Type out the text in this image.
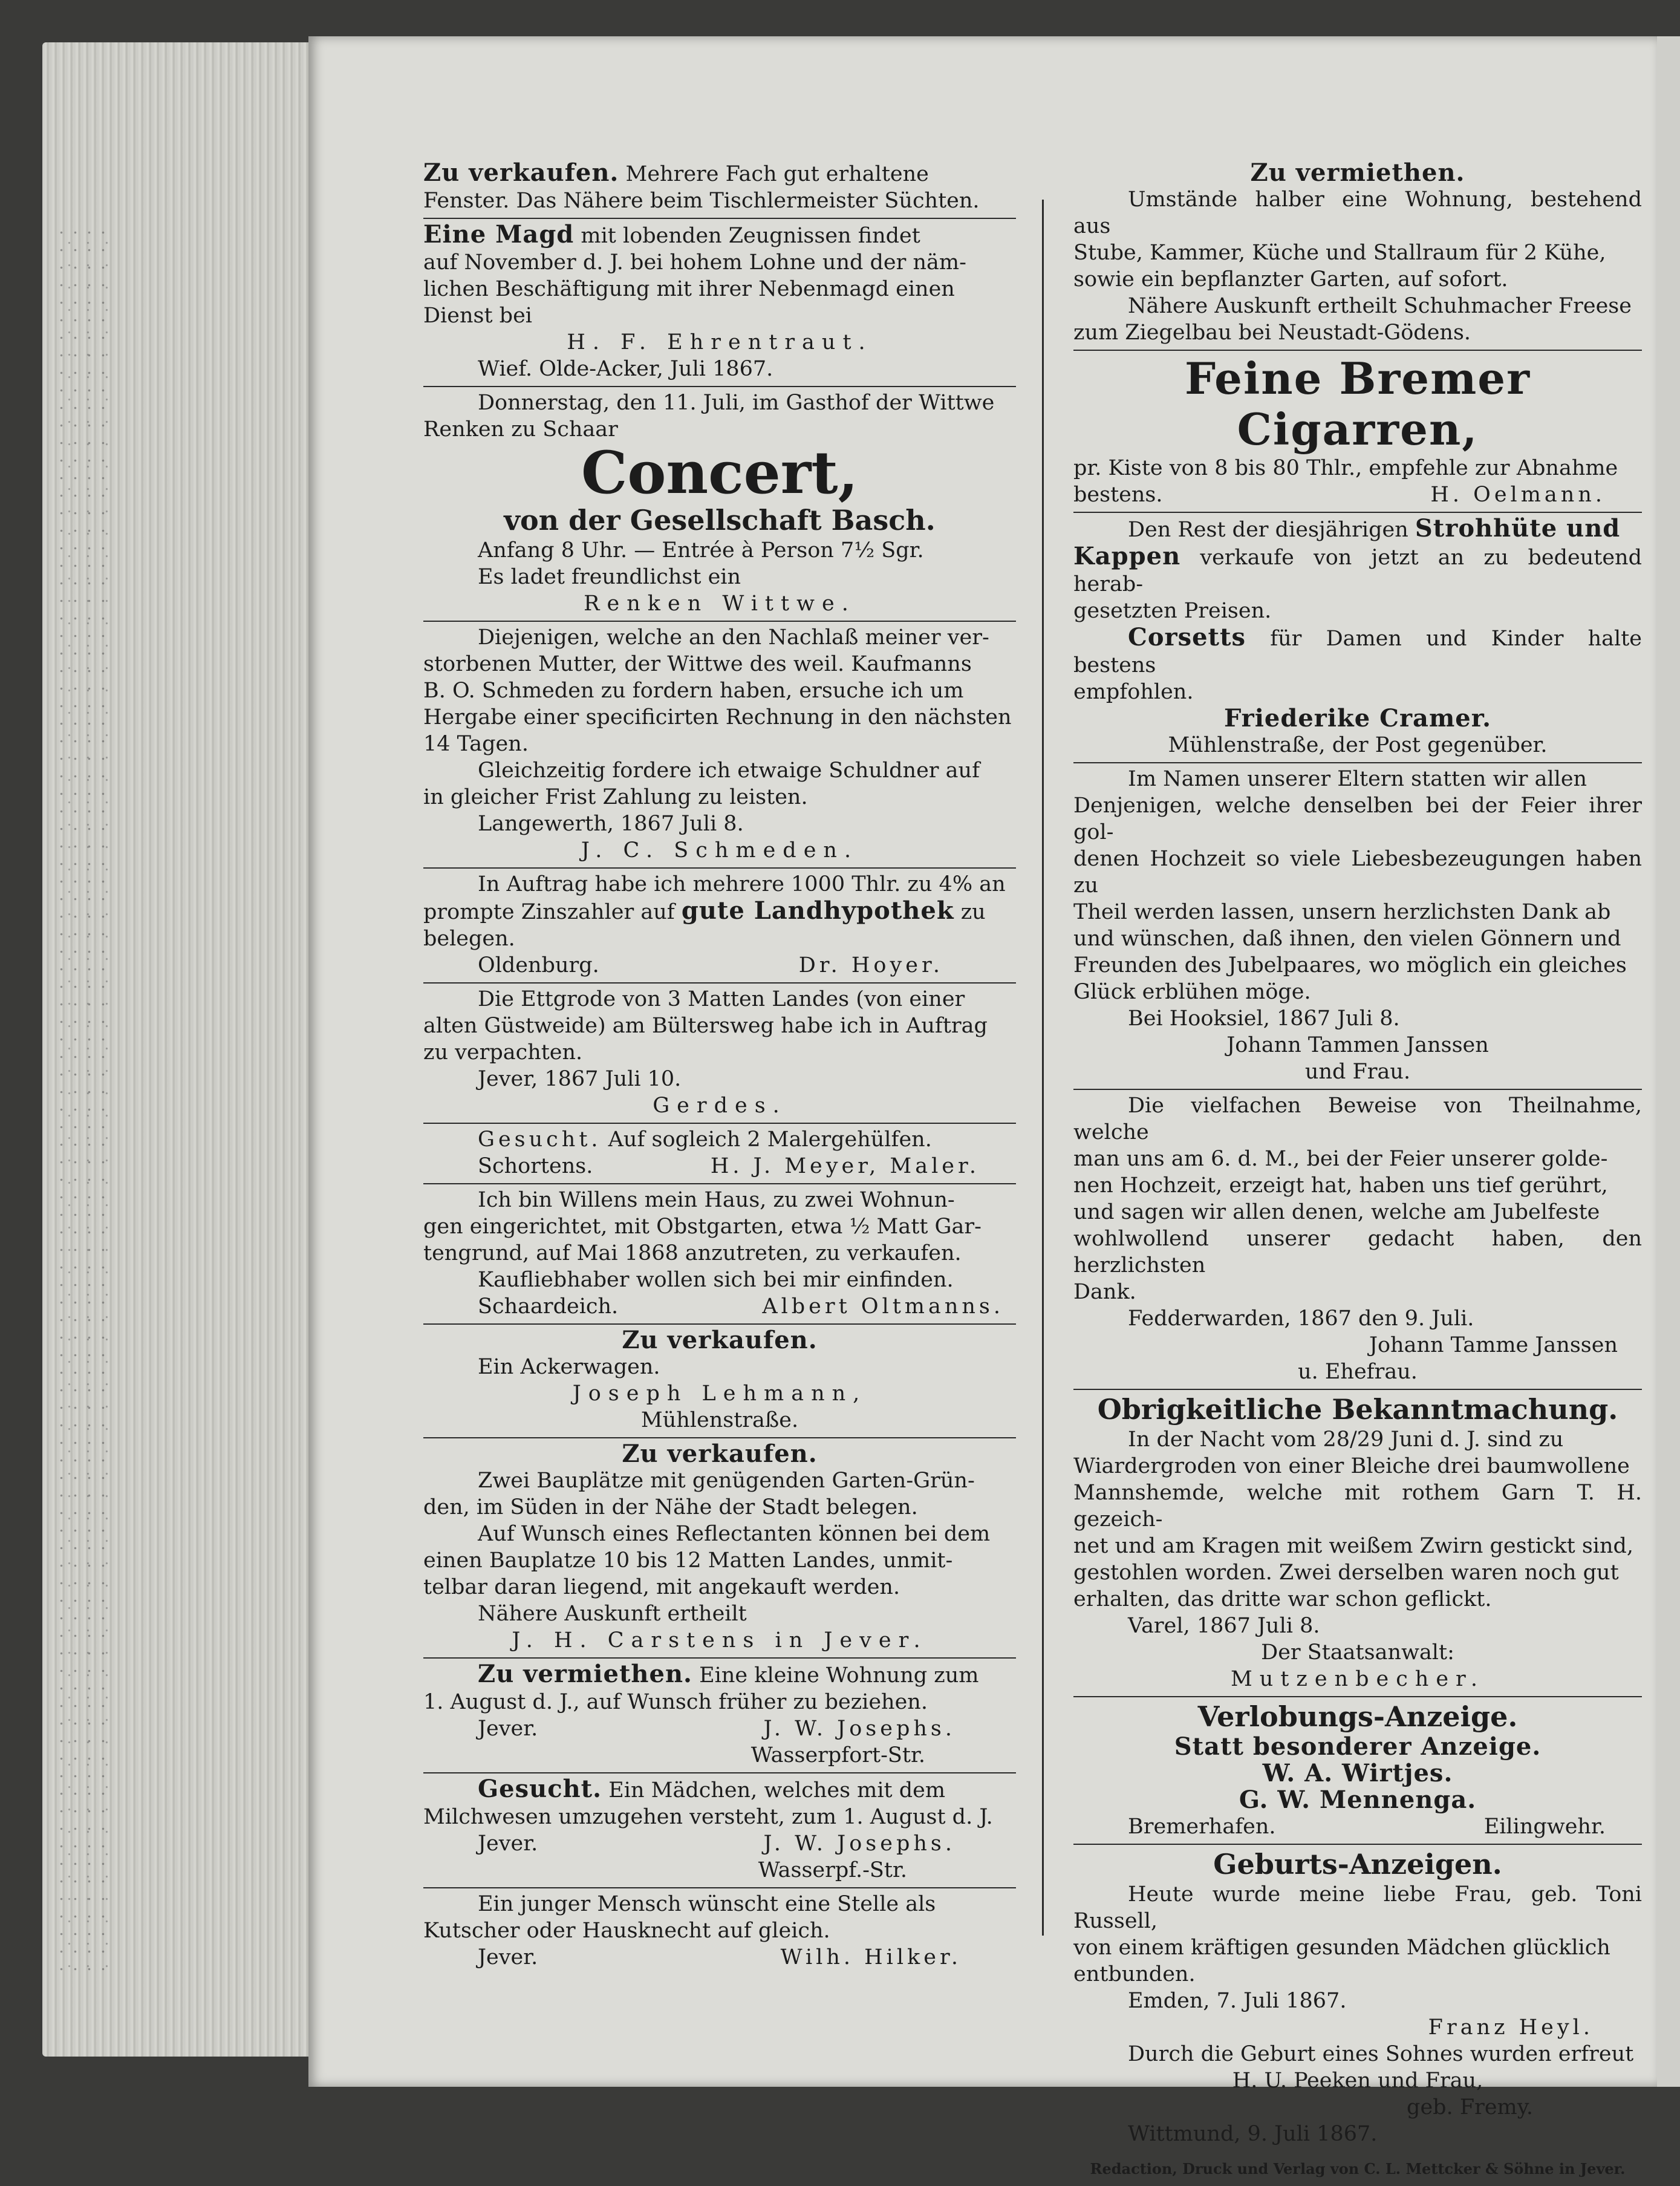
Zu verkaufen. Mehrere Fach gut erhaltene

Fenster. Das Nähere beim Tischlermeister Süchten.

Eine Magd mit lobenden Zeugnissen findet

auf November d. J. bei hohem Lohne und der näm-

lichen Beschäftigung mit ihrer Nebenmagd einen

Dienst bei

H. F. Ehrentraut.

Wief. Olde-Acker, Juli 1867.

Donnerstag, den 11. Juli, im Gasthof der Wittwe

Renken zu Schaar

Concert,

von der Gesellschaft Basch.

Anfang 8 Uhr. — Entrée à Person 7½ Sgr.

Es ladet freundlichst ein

Renken Wittwe.

Diejenigen, welche an den Nachlaß meiner ver-

storbenen Mutter, der Wittwe des weil. Kaufmanns

B. O. Schmeden zu fordern haben, ersuche ich um

Hergabe einer specificirten Rechnung in den nächsten

14 Tagen.

Gleichzeitig fordere ich etwaige Schuldner auf

in gleicher Frist Zahlung zu leisten.

Langewerth, 1867 Juli 8.

J. C. Schmeden.

In Auftrag habe ich mehrere 1000 Thlr. zu 4% an

prompte Zinszahler auf gute Landhypothek zu

belegen.

Oldenburg.	Dr. Hoyer.

Die Ettgrode von 3 Matten Landes (von einer

alten Güstweide) am Bültersweg habe ich in Auftrag

zu verpachten.

Jever, 1867 Juli 10.

Gerdes.

Gesucht. Auf sogleich 2 Malergehülfen.

Schortens.	H. J. Meyer, Maler.

Ich bin Willens mein Haus, zu zwei Wohnun-

gen eingerichtet, mit Obstgarten, etwa ½ Matt Gar-

tengrund, auf Mai 1868 anzutreten, zu verkaufen.

Kaufliebhaber wollen sich bei mir einfinden.

Schaardeich.	Albert Oltmanns.

Zu verkaufen.

Ein Ackerwagen.

Joseph Lehmann,

Mühlenstraße.

Zu verkaufen.

Zwei Bauplätze mit genügenden Garten-Grün-

den, im Süden in der Nähe der Stadt belegen.

Auf Wunsch eines Reflectanten können bei dem

einen Bauplatze 10 bis 12 Matten Landes, unmit-

telbar daran liegend, mit angekauft werden.

Nähere Auskunft ertheilt

J. H. Carstens in Jever.

Zu vermiethen. Eine kleine Wohnung zum

1. August d. J., auf Wunsch früher zu beziehen.

Jever.	J. W. Josephs.

Wasserpfort-Str.

Gesucht. Ein Mädchen, welches mit dem

Milchwesen umzugehen versteht, zum 1. August d. J.

Jever.	J. W. Josephs.

Wasserpf.-Str.

Ein junger Mensch wünscht eine Stelle als

Kutscher oder Hausknecht auf gleich.

Jever.	Wilh. Hilker.

Zu vermiethen.

Umstände halber eine Wohnung, bestehend aus

Stube, Kammer, Küche und Stallraum für 2 Kühe,

sowie ein bepflanzter Garten, auf sofort.

Nähere Auskunft ertheilt Schuhmacher Freese

zum Ziegelbau bei Neustadt-Gödens.

Feine Bremer Cigarren,

pr. Kiste von 8 bis 80 Thlr., empfehle zur Abnahme

bestens.	H. Oelmann.

Den Rest der diesjährigen Strohhüte und

Kappen verkaufe von jetzt an zu bedeutend herab-

gesetzten Preisen.

Corsetts für Damen und Kinder halte bestens

empfohlen.

Friederike Cramer.

Mühlenstraße, der Post gegenüber.

Im Namen unserer Eltern statten wir allen

Denjenigen, welche denselben bei der Feier ihrer gol-

denen Hochzeit so viele Liebesbezeugungen haben zu

Theil werden lassen, unsern herzlichsten Dank ab

und wünschen, daß ihnen, den vielen Gönnern und

Freunden des Jubelpaares, wo möglich ein gleiches

Glück erblühen möge.

Bei Hooksiel, 1867 Juli 8.

Johann Tammen Janssen

und Frau.

Die vielfachen Beweise von Theilnahme, welche

man uns am 6. d. M., bei der Feier unserer golde-

nen Hochzeit, erzeigt hat, haben uns tief gerührt,

und sagen wir allen denen, welche am Jubelfeste

wohlwollend unserer gedacht haben, den herzlichsten

Dank.

Fedderwarden, 1867 den 9. Juli.

Johann Tamme Janssen

u. Ehefrau.

Obrigkeitliche Bekanntmachung.

In der Nacht vom 28/29 Juni d. J. sind zu

Wiardergroden von einer Bleiche drei baumwollene

Mannshemde, welche mit rothem Garn T. H. gezeich-

net und am Kragen mit weißem Zwirn gestickt sind,

gestohlen worden. Zwei derselben waren noch gut

erhalten, das dritte war schon geflickt.

Varel, 1867 Juli 8.

Der Staatsanwalt:

Mutzenbecher.

Verlobungs-Anzeige.

Statt besonderer Anzeige.

W. A. Wirtjes.

G. W. Mennenga.

Bremerhafen.	Eilingwehr.

Geburts-Anzeigen.

Heute wurde meine liebe Frau, geb. Toni Russell,

von einem kräftigen gesunden Mädchen glücklich

entbunden.

Emden, 7. Juli 1867.

Franz Heyl.

Durch die Geburt eines Sohnes wurden erfreut

H. U. Peeken und Frau,

geb. Fremy.

Wittmund, 9. Juli 1867.

Redaction, Druck und Verlag von C. L. Mettcker & Söhne in Jever.
